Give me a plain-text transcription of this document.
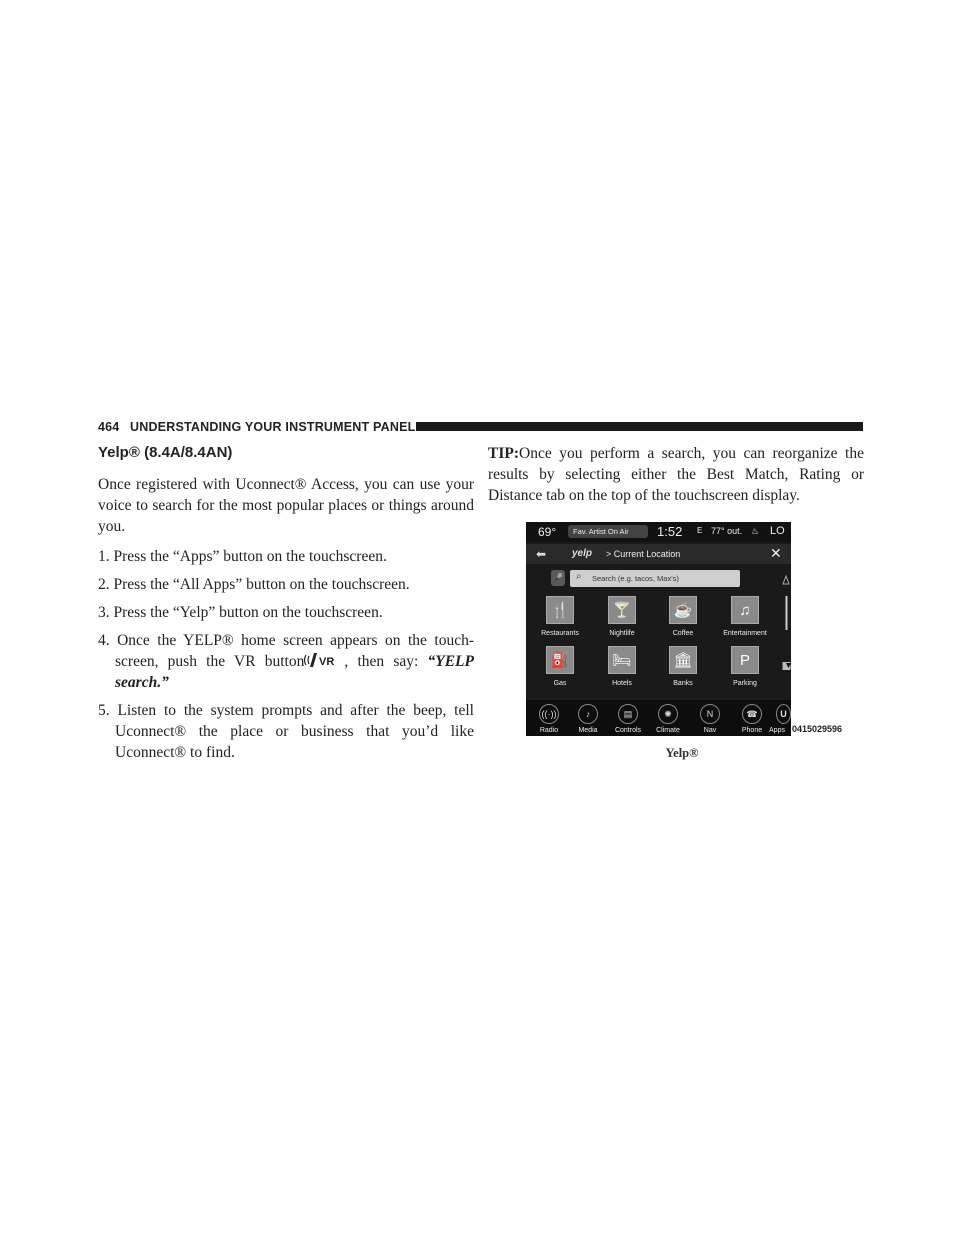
464 UNDERSTANDING YOUR INSTRUMENT PANEL
Yelp® (8.4A/8.4AN)

Once registered with Uconnect® Access, you can use your voice to search for the most popular places or things around you.

1. Press the “Apps” button on the touchscreen.
2. Press the “All Apps” button on the touchscreen.
3. Press the “Yelp” button on the touchscreen.
4. Once the YELP® home screen appears on the touch-screen, push the VR button VR , then say: “YELP search.”
5. Listen to the system prompts and after the beep, tell Uconnect® the place or business that you’d like Uconnect® to find.

TIP:Once you perform a search, you can reorganize the results by selecting either the Best Match, Rating or Distance tab on the top of the touchscreen display.

69°	Fav. Artist On Air	1:52 E 77° out. ♨ LO
⬅	yelp > Current Location	✕
🎤	Search (e.g. tacos, Max's)
⌕
🍴
Restaurants
🍸
Nightlife
☕
Coffee
♫
Entertainment
⛽
Gas
🛏
Hotels
🏛
Banks
P
Parking
((·))
Radio
♪
Media
▤
Controls
✺
Climate
N
Nav
☎
Phone
U
Apps 0415029596
Yelp®
